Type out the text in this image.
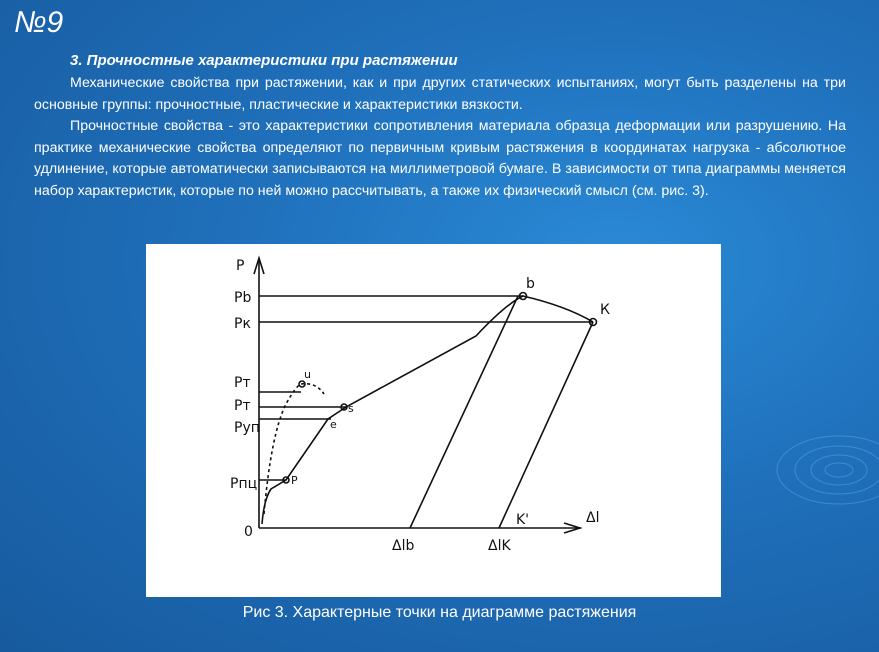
№9
3. Прочностные характеристики при растяжении

Механические свойства при растяжении, как и при других статических испытаниях, могут быть разделены на три основные группы: прочностные, пластические и характеристики вязкости.

Прочностные свойства - это характеристики сопротивления материала образца деформации или разрушению. На практике механические свойства определяют по первичным кривым растяжения в координатах нагрузка - абсолютное удлинение, которые автоматически записываются на миллиметровой бумаге. В зависимости от типа диаграммы меняется набор характеристик, которые по ней можно рассчитывать, а также их физический смысл (см. рис. 3).

P
Δl
0
Pb
Pк
Pт
Pт
Pуп
Pпц
b
К
u
s
e
P
K'
Δlb	ΔlK
Рис 3. Характерные точки на диаграмме растяжения
